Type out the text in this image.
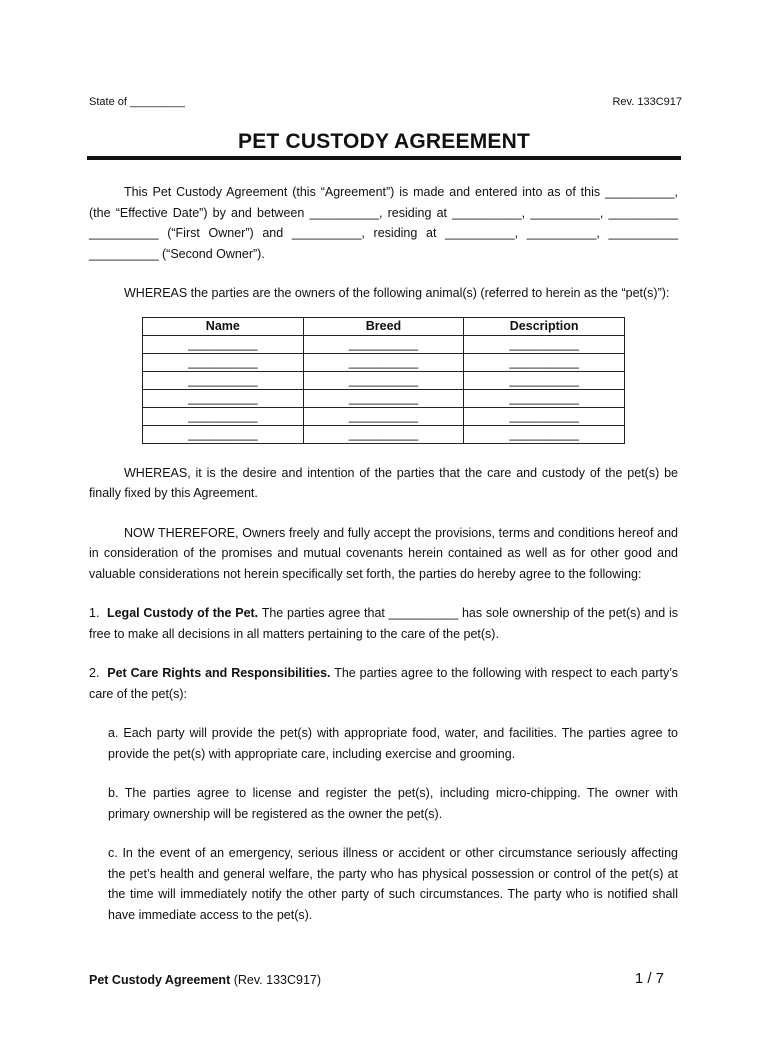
State of _________	Rev. 133C917
PET CUSTODY AGREEMENT

This Pet Custody Agreement (this “Agreement”) is made and entered into as of this __________, (the “Effective Date”) by and between __________, residing at __________, __________, __________ __________ (“First Owner”) and __________, residing at __________, __________, __________ __________ (“Second Owner”).

WHEREAS the parties are the owners of the following animal(s) (referred to herein as the “pet(s)”):

Name	Breed	Description
__________	__________	__________
__________	__________	__________
__________	__________	__________
__________	__________	__________
__________	__________	__________
__________	__________	__________

WHEREAS, it is the desire and intention of the parties that the care and custody of the pet(s) be finally fixed by this Agreement.

NOW THEREFORE, Owners freely and fully accept the provisions, terms and conditions hereof and in consideration of the promises and mutual covenants herein contained as well as for other good and valuable considerations not herein specifically set forth, the parties do hereby agree to the following:

1.  Legal Custody of the Pet. The parties agree that __________ has sole ownership of the pet(s) and is free to make all decisions in all matters pertaining to the care of the pet(s).

2.  Pet Care Rights and Responsibilities. The parties agree to the following with respect to each party’s care of the pet(s):

a. Each party will provide the pet(s) with appropriate food, water, and facilities. The parties agree to provide the pet(s) with appropriate care, including exercise and grooming.

b. The parties agree to license and register the pet(s), including micro-chipping. The owner with primary ownership will be registered as the owner the pet(s).

c. In the event of an emergency, serious illness or accident or other circumstance seriously affecting the pet’s health and general welfare, the party who has physical possession or control of the pet(s) at the time will immediately notify the other party of such circumstances. The party who is notified shall have immediate access to the pet(s).

Pet Custody Agreement (Rev. 133C917)	1 / 7
